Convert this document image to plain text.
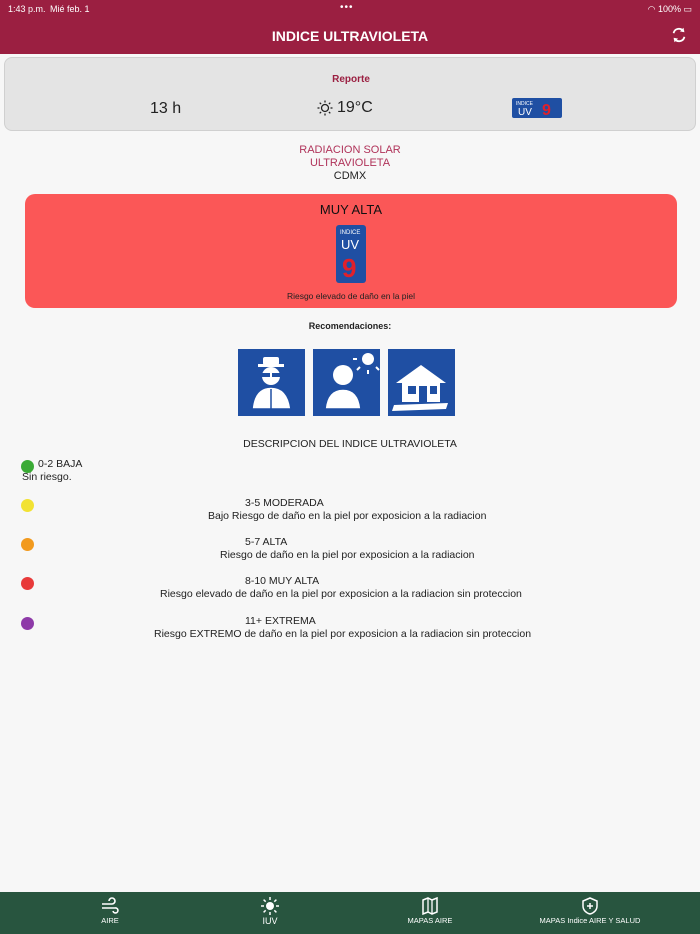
1:43 p.m. Mié feb. 1	•••	◠ 100% ▭
INDICE ULTRAVIOLETA
Reporte
13 h	19°C	INDICE
UV 9
RADIACION SOLAR
ULTRAVIOLETA
CDMX
MUY ALTA
INDICE
UV
9
Riesgo elevado de daño en la piel
Recomendaciones:
DESCRIPCION DEL INDICE ULTRAVIOLETA
0-2 BAJA
Sin riesgo.
3-5 MODERADA
Bajo Riesgo de daño en la piel por exposicion a la radiacion
5-7 ALTA
Riesgo de daño en la piel por exposicion a la radiacion
8-10 MUY ALTA
Riesgo elevado de daño en la piel por exposicion a la radiacion sin proteccion
11+ EXTREMA
Riesgo EXTREMO de daño en la piel por exposicion a la radiacion sin proteccion
AIRE	IUV	MAPAS AIRE	MAPAS Indice AIRE Y SALUD
